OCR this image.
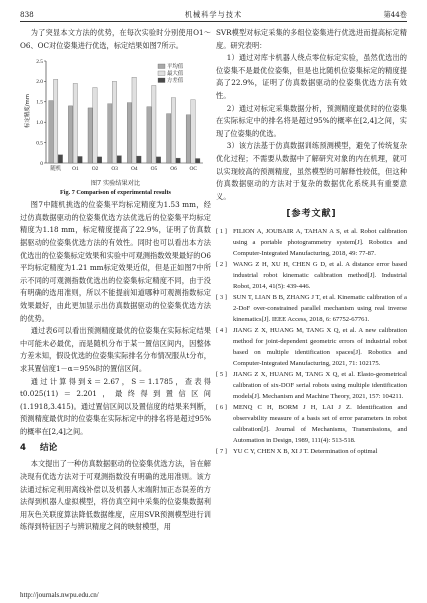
838	机械科学与技术	第44卷

为了突显本文方法的优势，在每次实验时分别使用O1～O6、OC对位姿集进行优选，标定结果如图7所示。

标定精度/mm
0
0.5
1.0
1.5
2.0
2.5
随机 O1 O2 O3 O4 O5 O6 OC
平均值
最大值
方差值
图7 实验结果对比
Fig. 7 Comparison of experimental results

图7中随机挑选的位姿集平均标定精度为1.53 mm，经过仿真数据驱动的位姿集优选方法优选后的位姿集平均标定精度为1.18 mm，标定精度提高了22.9%，证明了仿真数据驱动的位姿集优选方法的有效性。同时也可以看出本方法优选出的位姿集标定效果和实验中可观测指数效果最好的O6平均标定精度为1.21 mm标定效果近似，但是正如图7中所示不同的可观测指数优选出的位姿集标定精度不同，由于没有明确的选用准则，所以不能提前知道哪种可观测指数标定效果最好，由此更加显示出仿真数据驱动的位姿集优选方法的优势。

通过表6可以看出预测精度最优的位姿集在实际标定结果中可能未必最优，而是随机分布于某一置信区间内，因整体方差未知，假设优选的位姿集实际排名分布情况服从t分布，求其置信度1－α＝95%时的置信区间。

通过计算得到x̄＝2.67，S＝1.1785，查表得t0.025(11)＝2.201，最终得到置信区间(1.1918,3.415)。通过置信区间以及置信度的结果来判断，预测精度最优时的位姿集在实际标定中的排名将是超过95%的概率在[2,4]之间。

4 结论

本文提出了一种仿真数据驱动的位姿集优选方法，旨在解决现有优选方法对于可观测指数没有明确的选用准则。该方法通过标定利用离线补偿以及机器人末端附加正态误差的方法得到机器人虚拟模型，将仿真空间中采集的位姿集数据利用灰色关联度算法降低数据维度，应用SVR预测模型进行训练得到特征因子与辨识精度之间的映射模型，用

SVR模型对标定采集的多组位姿集进行优选进而提高标定精度。研究表明：

1）通过对库卡机器人绕点零位标定实验，虽然优选出的位姿集不是最优位姿集，但是也比随机位姿集标定的精度提高了22.9%，证明了仿真数据驱动的位姿集优选方法有效性。

2）通过对标定采集数据分析，预测精度最优时的位姿集在实际标定中的排名将是超过95%的概率在[2,4]之间，实现了位姿集的优选。

3）该方法基于仿真数据训练预测模型，避免了传统复杂优化过程；不需要从数据中了解研究对象的内在机理，就可以实现较高的预测精度，虽然模型的可解释性较低，但这种仿真数据驱动的方法对于复杂的数据优化系统具有重要意义。

[参考文献]
[ 1 ] FILION A, JOUBAIR A, TAHAN A S, et al. Robot calibration using a portable photogrammetry system[J]. Robotics and Computer-Integrated Manufacturing, 2018, 49: 77-87.
[ 2 ] WANG Z H, XU H, CHEN G D, et al. A distance error based industrial robot kinematic calibration method[J]. Industrial Robot, 2014, 41(5): 439-446.
[ 3 ] SUN T, LIAN B B, ZHANG J T, et al. Kinematic calibration of a 2-DoF over-constrained parallel mechanism using real inverse kinematics[J]. IEEE Access, 2018, 6: 67752-67761.
[ 4 ] JIANG Z X, HUANG M, TANG X Q, et al. A new calibration method for joint-dependent geometric errors of industrial robot based on multiple identification spaces[J]. Robotics and Computer-Integrated Manufacturing, 2021, 71: 102175.
[ 5 ] JIANG Z X, HUANG M, TANG X Q, et al. Elasto-geometrical calibration of six-DOF serial robots using multiple identification models[J]. Mechanism and Machine Theory, 2021, 157: 104211.
[ 6 ] MENQ C H, BORM J H, LAI J Z. Identification and observability measure of a basis set of error parameters in robot calibration[J]. Journal of Mechanisms, Transmissions, and Automation in Design, 1989, 111(4): 513-518.
[ 7 ] YU C Y, CHEN X B, XI J T. Determination of optimal
http://journals.nwpu.edu.cn/
